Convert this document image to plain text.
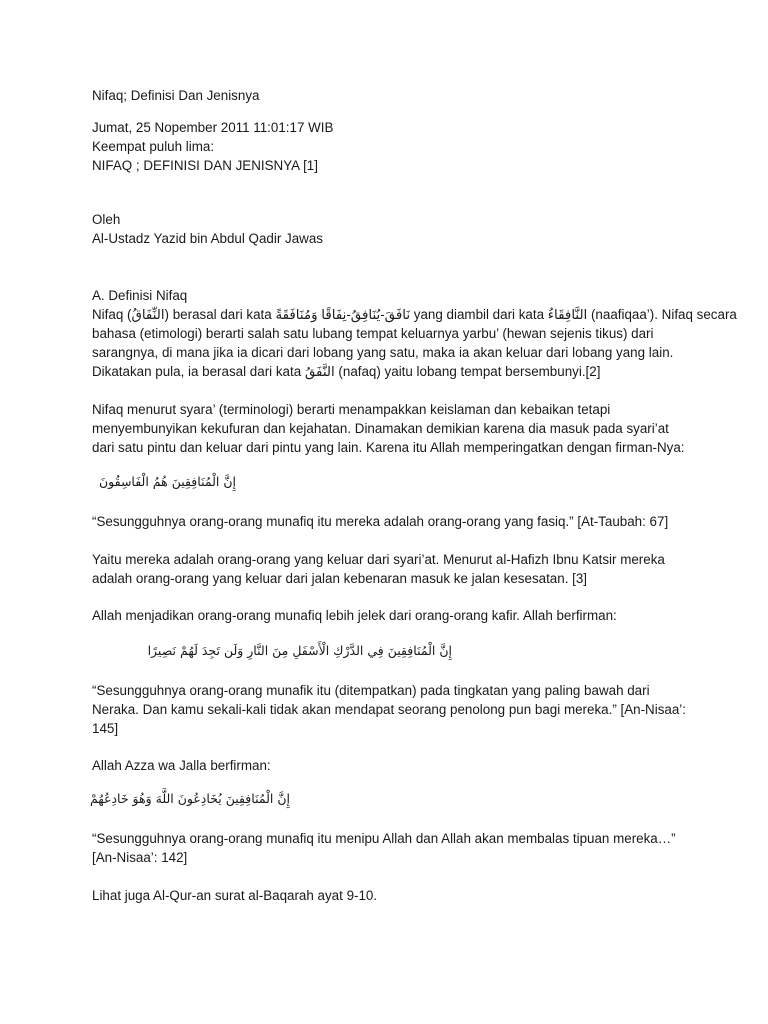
Nifaq; Definisi Dan Jenisnya
Jumat, 25 Nopember 2011 11:01:17 WIB
Keempat puluh lima:
NIFAQ ; DEFINISI DAN JENISNYA [1]
Oleh
Al-Ustadz Yazid bin Abdul Qadir Jawas
A. Definisi Nifaq
Nifaq (النِّفَاقُ) berasal dari kata نَافَقَ-يُنَافِقُ-نِفَاقًا وَمُنَافَقَةً yang diambil dari kata النَّافِقَاءُ (naafiqaa’). Nifaq secara
bahasa (etimologi) berarti salah satu lubang tempat keluarnya yarbu’ (hewan sejenis tikus) dari
sarangnya, di mana jika ia dicari dari lobang yang satu, maka ia akan keluar dari lobang yang lain.
Dikatakan pula, ia berasal dari kata النَّفَقُ (nafaq) yaitu lobang tempat bersembunyi.[2]
Nifaq menurut syara’ (terminologi) berarti menampakkan keislaman dan kebaikan tetapi
menyembunyikan kekufuran dan kejahatan. Dinamakan demikian karena dia masuk pada syari’at
dari satu pintu dan keluar dari pintu yang lain. Karena itu Allah memperingatkan dengan firman-Nya:
إِنَّ الْمُنَافِقِينَ هُمُ الْفَاسِقُونَ
“Sesungguhnya orang-orang munafiq itu mereka adalah orang-orang yang fasiq.” [At-Taubah: 67]
Yaitu mereka adalah orang-orang yang keluar dari syari’at. Menurut al-Hafizh Ibnu Katsir mereka
adalah orang-orang yang keluar dari jalan kebenaran masuk ke jalan kesesatan. [3]
Allah menjadikan orang-orang munafiq lebih jelek dari orang-orang kafir. Allah berfirman:
إِنَّ الْمُنَافِقِينَ فِي الدَّرْكِ الْأَسْفَلِ مِنَ النَّارِ وَلَن تَجِدَ لَهُمْ نَصِيرًا
“Sesungguhnya orang-orang munafik itu (ditempatkan) pada tingkatan yang paling bawah dari
Neraka. Dan kamu sekali-kali tidak akan mendapat seorang penolong pun bagi mereka.” [An-Nisaa’:
145]
Allah Azza wa Jalla berfirman:
إِنَّ الْمُنَافِقِينَ يُخَادِعُونَ اللَّهَ وَهُوَ خَادِعُهُمْ
“Sesungguhnya orang-orang munafiq itu menipu Allah dan Allah akan membalas tipuan mereka…”
[An-Nisaa’: 142]
Lihat juga Al-Qur-an surat al-Baqarah ayat 9-10.
